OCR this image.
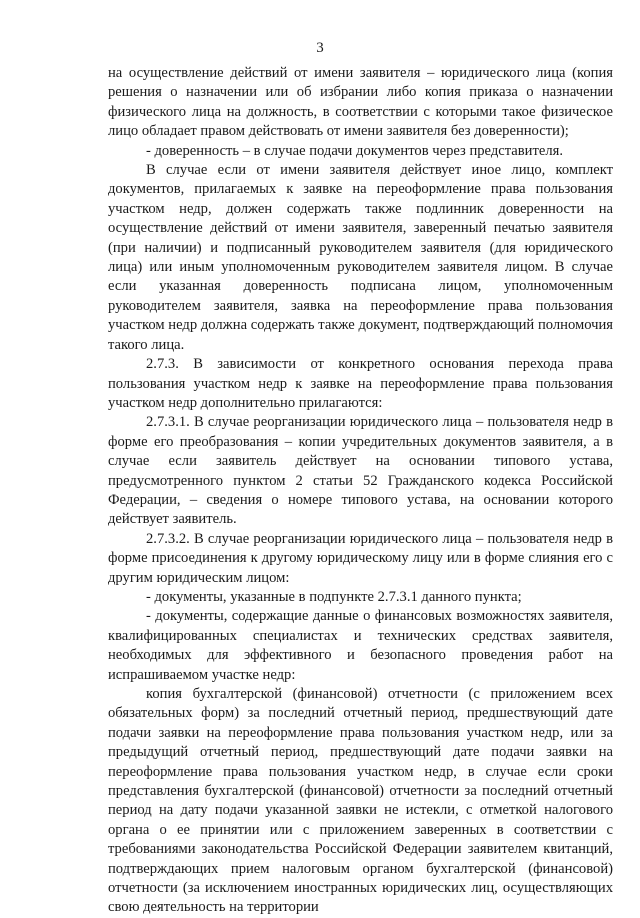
3

на осуществление действий от имени заявителя – юридического лица (копия решения о назначении или об избрании либо копия приказа о назначении физического лица на должность, в соответствии с которыми такое физическое лицо обладает правом действовать от имени заявителя без доверенности);

- доверенность – в случае подачи документов через представителя.

В случае если от имени заявителя действует иное лицо, комплект документов, прилагаемых к заявке на переоформление права пользования участком недр, должен содержать также подлинник доверенности на осуществление действий от имени заявителя, заверенный печатью заявителя (при наличии) и подписанный руководителем заявителя (для юридического лица) или иным уполномоченным руководителем заявителя лицом. В случае если указанная доверенность подписана лицом, уполномоченным руководителем заявителя, заявка на переоформление права пользования участком недр должна содержать также документ, подтверждающий полномочия такого лица.

2.7.3. В зависимости от конкретного основания перехода права пользования участком недр к заявке на переоформление права пользования участком недр дополнительно прилагаются:

2.7.3.1. В случае реорганизации юридического лица – пользователя недр в форме его преобразования – копии учредительных документов заявителя, а в случае если заявитель действует на основании типового устава, предусмотренного пунктом 2 статьи 52 Гражданского кодекса Российской Федерации, – сведения о номере типового устава, на основании которого действует заявитель.

2.7.3.2. В случае реорганизации юридического лица – пользователя недр в форме присоединения к другому юридическому лицу или в форме слияния его с другим юридическим лицом:

- документы, указанные в подпункте 2.7.3.1 данного пункта;

- документы, содержащие данные о финансовых возможностях заявителя, квалифицированных специалистах и технических средствах заявителя, необходимых для эффективного и безопасного проведения работ на испрашиваемом участке недр:

копия бухгалтерской (финансовой) отчетности (с приложением всех обязательных форм) за последний отчетный период, предшествующий дате подачи заявки на переоформление права пользования участком недр, или за предыдущий отчетный период, предшествующий дате подачи заявки на переоформление права пользования участком недр, в случае если сроки представления бухгалтерской (финансовой) отчетности за последний отчетный период на дату подачи указанной заявки не истекли, с отметкой налогового органа о ее принятии или с приложением заверенных в соответствии с требованиями законодательства Российской Федерации заявителем квитанций, подтверждающих прием налоговым органом бухгалтерской (финансовой) отчетности (за исключением иностранных юридических лиц, осуществляющих свою деятельность на территории
